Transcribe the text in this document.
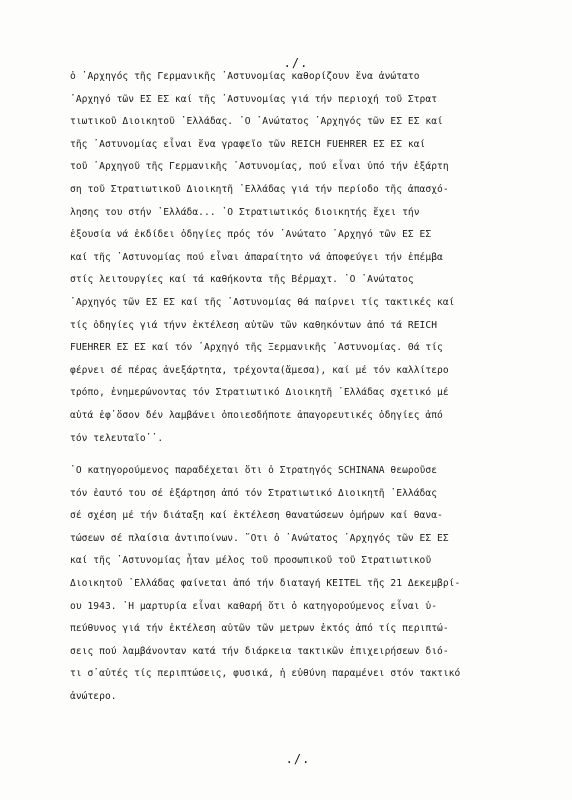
./.
ὁ ᾿Αρχηγός τῆς Γερμανικῆς ᾿Αστυνομίας καθορίζουν ἕνα ἀνώτατο
᾿Αρχηγό τῶν ΕΣ ΕΣ καί τῆς ᾿Αστυνομίας γιά τήν περιοχή τοῦ Στρατ
τιωτικοῦ Διοικητοῦ ῾Ελλάδας. ῾Ο ᾿Ανώτατος ᾿Αρχηγός τῶν ΕΣ ΕΣ καί
τῆς ᾿Αστυνομίας εἶναι ἕνα γραφεῖο τῶν REICH FUEHRER ΕΣ ΕΣ καί
τοῦ ᾿Αρχηγοῦ τῆς Γερμανικῆς ᾿Αστυνομίας, πού εἶναι ὑπό τήν ἐξάρτη
ση τοῦ Στρατιωτικοῦ Διοικητῆ ῾Ελλάδας γιά τήν περίοδο τῆς ἀπασχό-
λησης του στήν ῾Ελλάδα... ῾Ο Στρατιωτικός διοικητής ἔχει τήν
ἐξουσία νά ἐκδίδει ὁδηγίες πρός τόν ᾿Ανώτατο ᾿Αρχηγό τῶν ΕΣ ΕΣ
καί τῆς ᾿Αστυνομίας πού εἶναι ἀπαραίτητο νά ἀποφεύγει τήν ἐπέμβα
στίς λειτουργίες καί τά καθήκοντα τῆς Βέρμαχτ. ῾Ο ᾿Ανώτατος
᾿Αρχηγός τῶν ΕΣ ΕΣ καί τῆς ᾿Αστυνομίας θά παίρνει τίς τακτικές καί
τίς ὁδηγίες γιά τήνν ἐκτέλεση αὐτῶν τῶν καθηκόντων ἀπό τά REICH
FUEHRER ΕΣ ΕΣ καί τόν ᾿Αρχηγό τῆς Ξερμανικῆς ᾿Αστυνομίας. Θά τίς
φέρνει σέ πέρας ἀνεξάρτητα, τρέχοντα(ἄμεσα), καί μέ τόν καλλίτερο
τρόπο, ἐνημερώνοντας τόν Στρατιωτικό Διοικητῆ ῾Ελλάδας σχετικό μέ
αὐτά ἐφ᾿ὅσον δέν λαμβάνει ὁποιεσδήποτε ἀπαγορευτικές ὁδηγίες ἀπό
τόν τελευταῖο᾿᾿.
῾Ο κατηγορούμενος παραδέχεται ὅτι ὁ Στρατηγός SCHINANA θεωροῦσε
τόν ἑαυτό του σέ ἐξάρτηση ἀπό τόν Στρατιωτικό Διοικητῆ ῾Ελλάδας
σέ σχέση μέ τήν διάταξη καί ἐκτέλεση θανατώσεων ὁμήρων καί θανα-
τώσεων σέ πλαίσια ἀντιποίνων. ῞Οτι ὁ ᾿Ανώτατος ᾿Αρχηγός τῶν ΕΣ ΕΣ
καί τῆς ᾿Αστυνομίας ἦταν μέλος τοῦ προσωπικοῦ τοῦ Στρατιωτικοῦ
Διοικητοῦ ῾Ελλάδας φαίνεται ἀπό τήν διαταγή KEITEL τῆς 21 Δεκεμβρί-
ου 1943. ῾Η μαρτυρία εἶναι καθαρή ὅτι ὁ κατηγορούμενος εἶναι ὑ-
πεύθυνος γιά τήν ἐκτέλεση αὐτῶν τῶν μετρων ἐκτός ἀπό τίς περιπτώ-
σεις πού λαμβάνονταν κατά τήν διάρκεια τακτικῶν ἐπιχειρήσεων διό-
τι σ᾿αὐτές τίς περιπτώσεις, φυσικά, ἡ εὐθύνη παραμένει στόν τακτικό
ἀνώτερο.
./.
